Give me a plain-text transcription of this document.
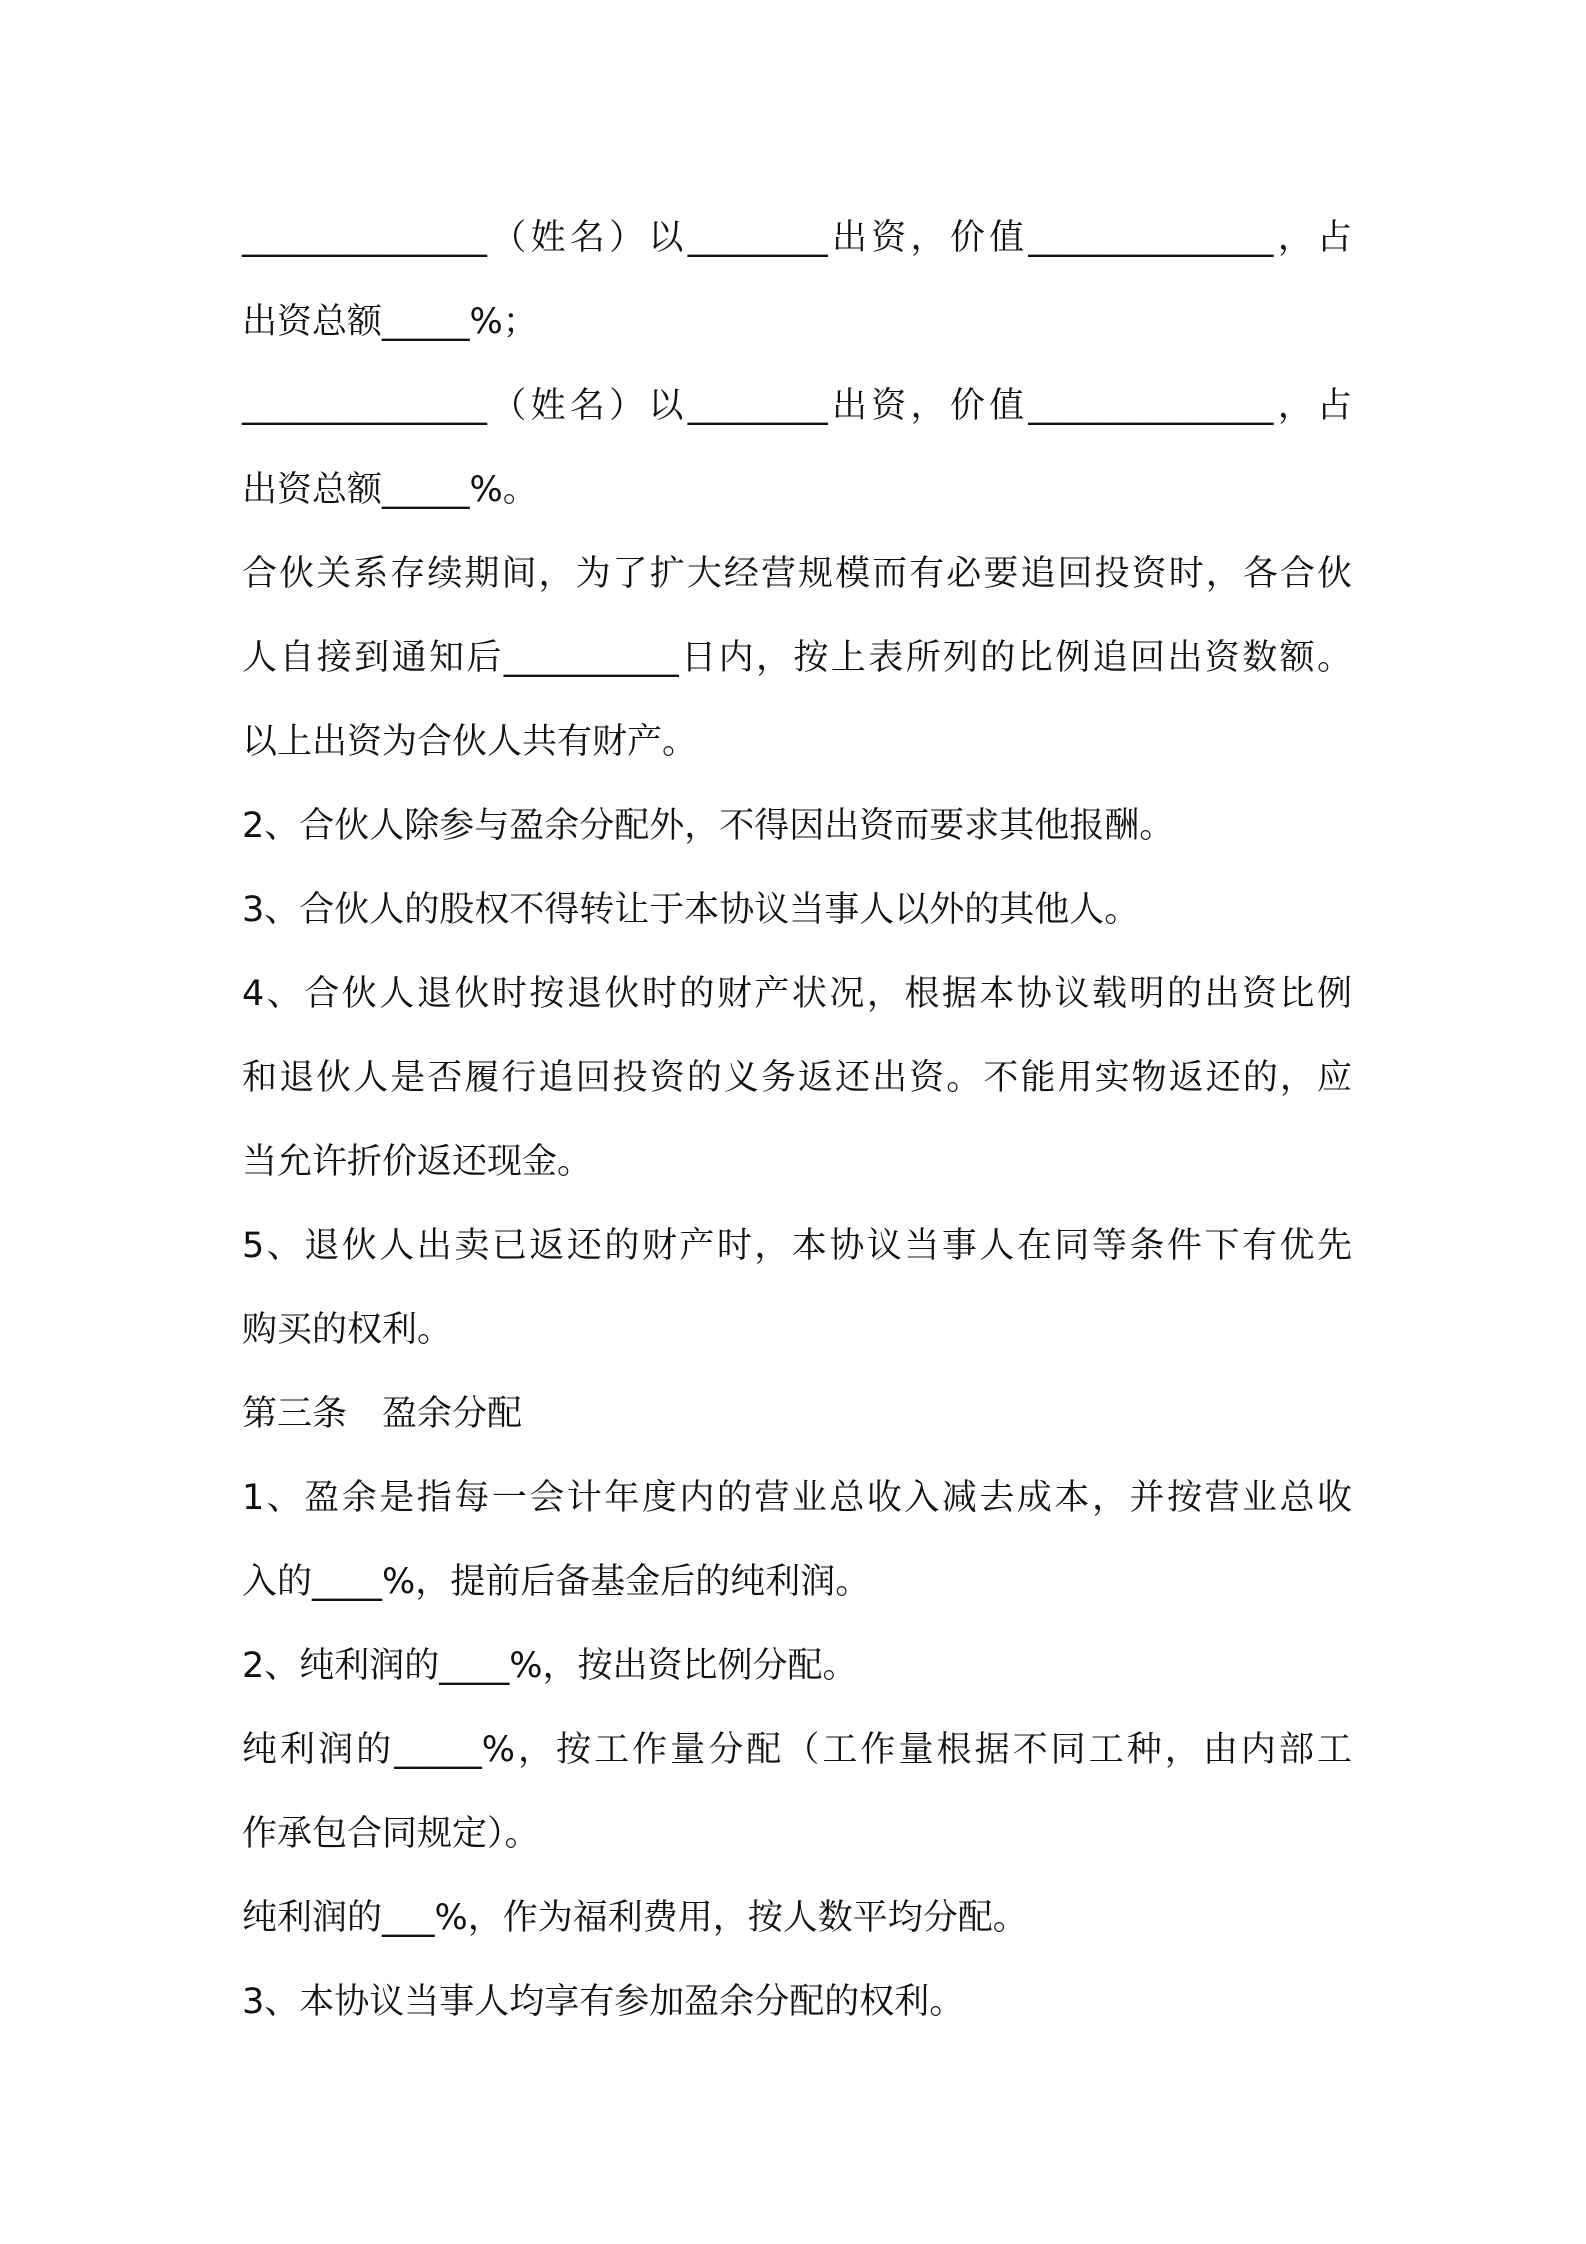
______________（姓名）以________出资，价值______________，占

出资总额_____%；

______________（姓名）以________出资，价值______________，占

出资总额_____%。

合伙关系存续期间，为了扩大经营规模而有必要追回投资时，各合伙

人自接到通知后__________日内，按上表所列的比例追回出资数额。

以上出资为合伙人共有财产。

2、合伙人除参与盈余分配外，不得因出资而要求其他报酬。

3、合伙人的股权不得转让于本协议当事人以外的其他人。

4、合伙人退伙时按退伙时的财产状况，根据本协议载明的出资比例

和退伙人是否履行追回投资的义务返还出资。不能用实物返还的，应

当允许折价返还现金。

5、退伙人出卖已返还的财产时，本协议当事人在同等条件下有优先

购买的权利。

第三条　盈余分配

1、盈余是指每一会计年度内的营业总收入减去成本，并按营业总收

入的____%，提前后备基金后的纯利润。

2、纯利润的____%，按出资比例分配。

纯利润的_____%，按工作量分配（工作量根据不同工种，由内部工

作承包合同规定）。

纯利润的___%，作为福利费用，按人数平均分配。

3、本协议当事人均享有参加盈余分配的权利。
